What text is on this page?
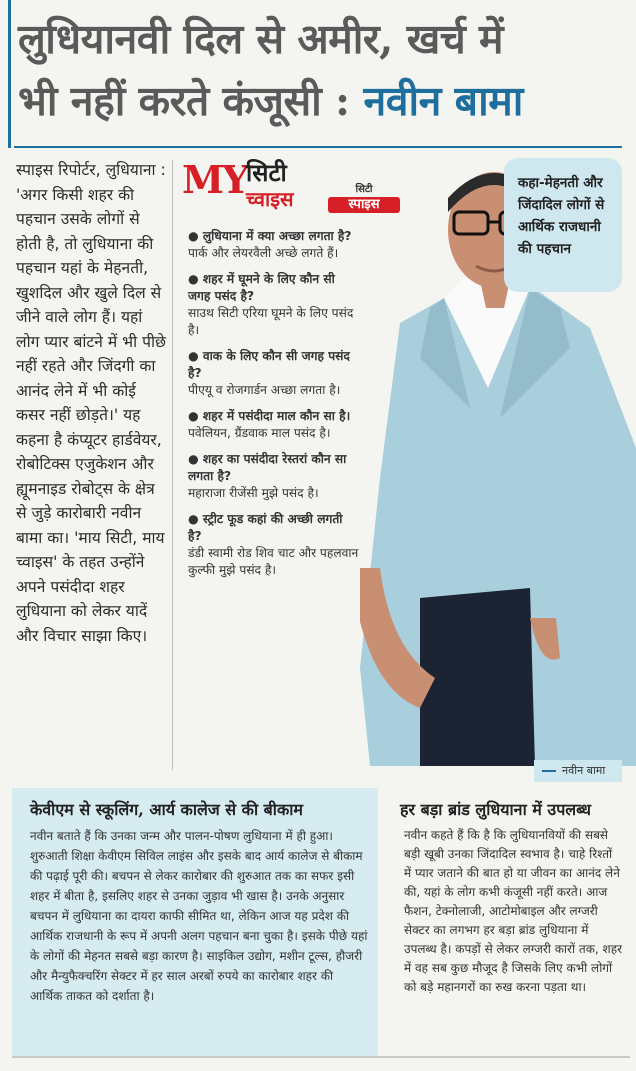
लुधियानवी दिल से अमीर, खर्च में
भी नहीं करते कंजूसी : नवीन बामा

स्पाइस रिपोर्टर, लुधियाना : 'अगर किसी शहर की पहचान उसके लोगों से होती है, तो लुधियाना की पहचान यहां के मेहनती, खुशदिल और खुले दिल से जीने वाले लोग हैं। यहां लोग प्यार बांटने में भी पीछे नहीं रहते और जिंदगी का आनंद लेने में भी कोई कसर नहीं छोड़ते।' यह कहना है कंप्यूटर हार्डवेयर, रोबोटिक्स एजुकेशन और ह्यूमनाइड रोबोट्स के क्षेत्र से जुड़े कारोबारी नवीन बामा का। 'माय सिटी, माय च्वाइस' के तहत उन्होंने अपने पसंदीदा शहर लुधियाना को लेकर यादें और विचार साझा किए।

MY
सिटी
च्वाइस	सिटी
स्पाइस
● लुधियाना में क्या अच्छा लगता है?
पार्क और लेयरवैली अच्छे लगते हैं।
● शहर में घूमने के लिए कौन सी जगह पसंद है?
साउथ सिटी एरिया घूमने के लिए पसंद है।
● वाक के लिए कौन सी जगह पसंद है?
पीएयू व रोजगार्डन अच्छा लगता है।
● शहर में पसंदीदा माल कौन सा है।
पवेलियन, ग्रैंडवाक माल पसंद है।
● शहर का पसंदीदा रेस्तरां कौन सा लगता है?
महाराजा रीजेंसी मुझे पसंद है।
● स्ट्रीट फूड कहां की अच्छी लगती है?
डंडी स्वामी रोड शिव चाट और पहलवान कुल्फी मुझे पसंद है।
कहा-मेहनती और जिंदादिल लोगों से आर्थिक राजधानी की पहचान
नवीन बामा
केवीएम से स्कूलिंग, आर्य कालेज से की बीकाम
नवीन बताते हैं कि उनका जन्म और पालन-पोषण लुधियाना में ही हुआ। शुरुआती शिक्षा केवीएम सिविल लाइंस और इसके बाद आर्य कालेज से बीकाम की पढ़ाई पूरी की। बचपन से लेकर कारोबार की शुरुआत तक का सफर इसी शहर में बीता है, इसलिए शहर से उनका जुड़ाव भी खास है। उनके अनुसार बचपन में लुधियाना का दायरा काफी सीमित था, लेकिन आज यह प्रदेश की आर्थिक राजधानी के रूप में अपनी अलग पहचान बना चुका है। इसके पीछे यहां के लोगों की मेहनत सबसे बड़ा कारण है। साइकिल उद्योग, मशीन टूल्स, हौजरी और मैन्युफैक्चरिंग सेक्टर में हर साल अरबों रुपये का कारोबार शहर की आर्थिक ताकत को दर्शाता है।
हर बड़ा ब्रांड लुधियाना में उपलब्ध
नवीन कहते हैं कि है कि लुधियानवियों की सबसे बड़ी खूबी उनका जिंदादिल स्वभाव है। चाहे रिश्तों में प्यार जताने की बात हो या जीवन का आनंद लेने की, यहां के लोग कभी कंजूसी नहीं करते। आज फैशन, टेक्नोलाजी, आटोमोबाइल और लग्जरी सेक्टर का लगभग हर बड़ा ब्रांड लुधियाना में उपलब्ध है। कपड़ों से लेकर लग्जरी कारों तक, शहर में वह सब कुछ मौजूद है जिसके लिए कभी लोगों को बड़े महानगरों का रुख करना पड़ता था।
